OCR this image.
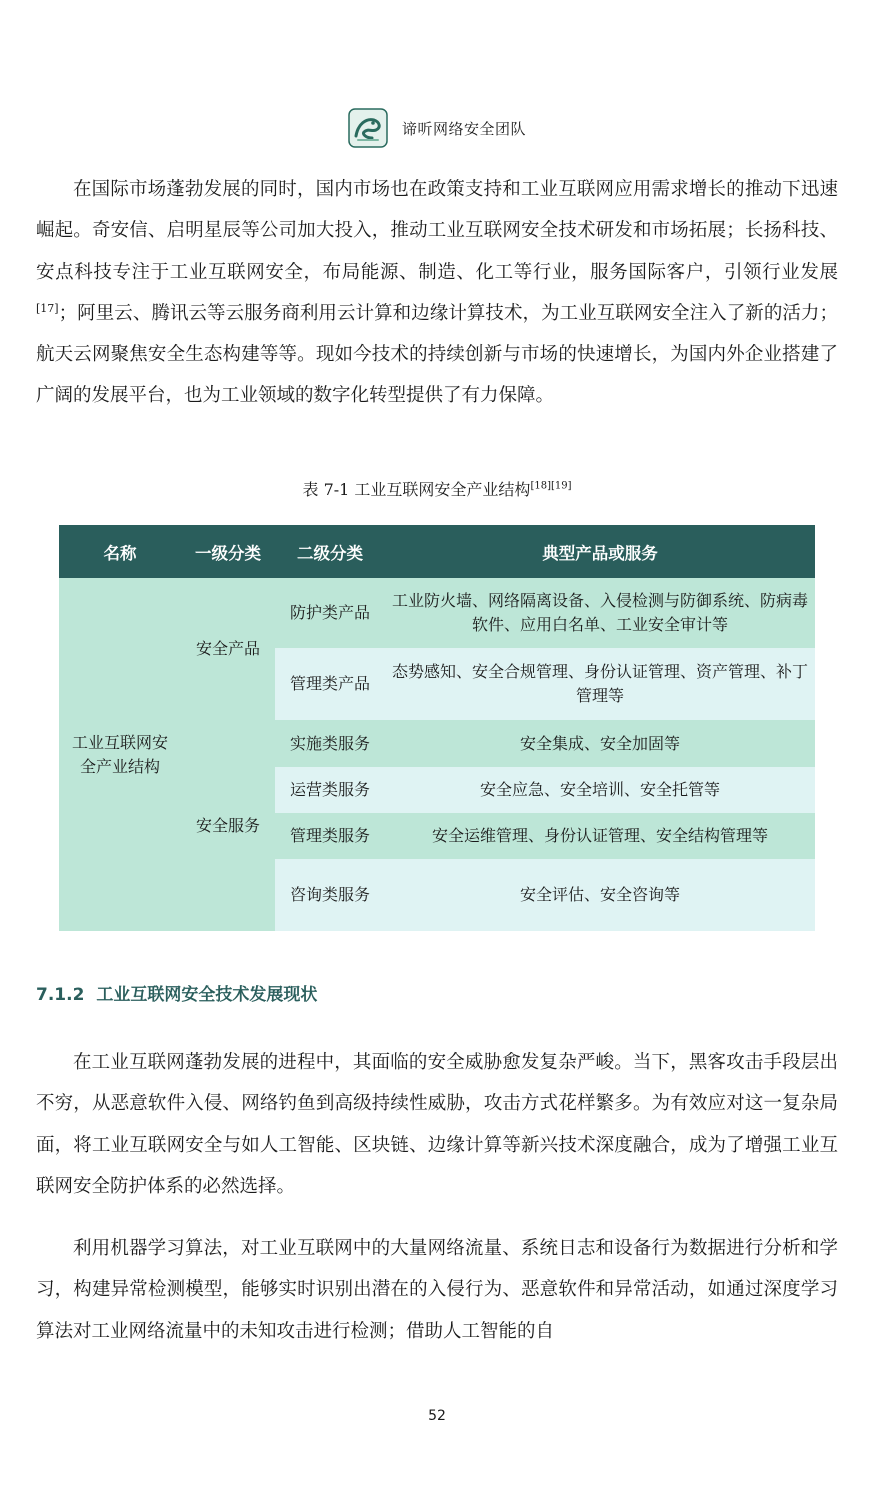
谛听网络安全团队

在国际市场蓬勃发展的同时，国内市场也在政策支持和工业互联网应用需求增长的推动下迅速崛起。奇安信、启明星辰等公司加大投入，推动工业互联网安全技术研发和市场拓展；长扬科技、安点科技专注于工业互联网安全，布局能源、制造、化工等行业，服务国际客户，引领行业发展[17]；阿里云、腾讯云等云服务商利用云计算和边缘计算技术，为工业互联网安全注入了新的活力；航天云网聚焦安全生态构建等等。现如今技术的持续创新与市场的快速增长，为国内外企业搭建了广阔的发展平台，也为工业领域的数字化转型提供了有力保障。

表 7-1 工业互联网安全产业结构[18][19]
名称	一级分类	二级分类	典型产品或服务
工业互联网安全产业结构	安全产品	防护类产品	工业防火墙、网络隔离设备、入侵检测与防御系统、防病毒软件、应用白名单、工业安全审计等
		管理类产品	态势感知、安全合规管理、身份认证管理、资产管理、补丁管理等
	安全服务	实施类服务	安全集成、安全加固等
		运营类服务	安全应急、安全培训、安全托管等
		管理类服务	安全运维管理、身份认证管理、安全结构管理等
		咨询类服务	安全评估、安全咨询等
7.1.2 工业互联网安全技术发展现状

在工业互联网蓬勃发展的进程中，其面临的安全威胁愈发复杂严峻。当下，黑客攻击手段层出不穷，从恶意软件入侵、网络钓鱼到高级持续性威胁，攻击方式花样繁多。为有效应对这一复杂局面，将工业互联网安全与如人工智能、区块链、边缘计算等新兴技术深度融合，成为了增强工业互联网安全防护体系的必然选择。

利用机器学习算法，对工业互联网中的大量网络流量、系统日志和设备行为数据进行分析和学习，构建异常检测模型，能够实时识别出潜在的入侵行为、恶意软件和异常活动，如通过深度学习算法对工业网络流量中的未知攻击进行检测；借助人工智能的自

52
